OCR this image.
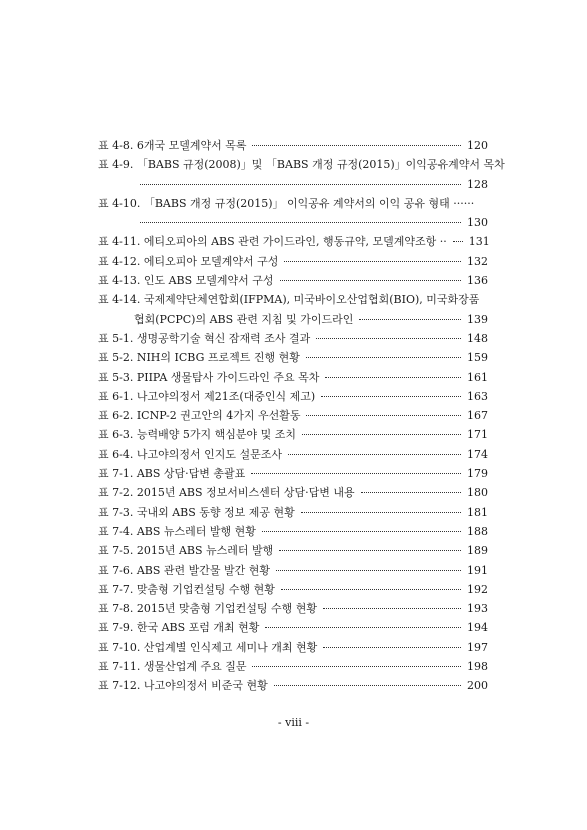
표 4-8. 6개국 모델계약서 목록	120
표 4-9. 「BABS 규정(2008)」및 「BABS 개정 규정(2015)」이익공유계약서 목차
128
표 4-10. 「BABS 개정 규정(2015)」 이익공유 계약서의 이익 공유 형태 ······
130
표 4-11. 에티오피아의 ABS 관련 가이드라인, 행동규약, 모델계약조항 ·· 131
표 4-12. 에티오피아 모델계약서 구성	132
표 4-13. 인도 ABS 모델계약서 구성	136
표 4-14. 국제제약단체연합회(IFPMA), 미국바이오산업협회(BIO), 미국화장품
협회(PCPC)의 ABS 관련 지침 및 가이드라인	139
표 5-1. 생명공학기술 혁신 잠재력 조사 결과	148
표 5-2. NIH의 ICBG 프로젝트 진행 현황	159
표 5-3. PIIPA 생물탐사 가이드라인 주요 목차	161
표 6-1. 나고야의정서 제21조(대중인식 제고)	163
표 6-2. ICNP-2 권고안의 4가지 우선활동	167
표 6-3. 능력배양 5가지 핵심분야 및 조치	171
표 6-4. 나고야의정서 인지도 설문조사	174
표 7-1. ABS 상담·답변 총괄표	179
표 7-2. 2015년 ABS 정보서비스센터 상담·답변 내용	180
표 7-3. 국내외 ABS 동향 정보 제공 현황	181
표 7-4. ABS 뉴스레터 발행 현황	188
표 7-5. 2015년 ABS 뉴스레터 발행	189
표 7-6. ABS 관련 발간물 발간 현황	191
표 7-7. 맞춤형 기업컨설팅 수행 현황	192
표 7-8. 2015년 맞춤형 기업컨설팅 수행 현황	193
표 7-9. 한국 ABS 포럼 개최 현황	194
표 7-10. 산업계별 인식제고 세미나 개최 현황	197
표 7-11. 생물산업계 주요 질문	198
표 7-12. 나고야의정서 비준국 현황	200
- viii -
